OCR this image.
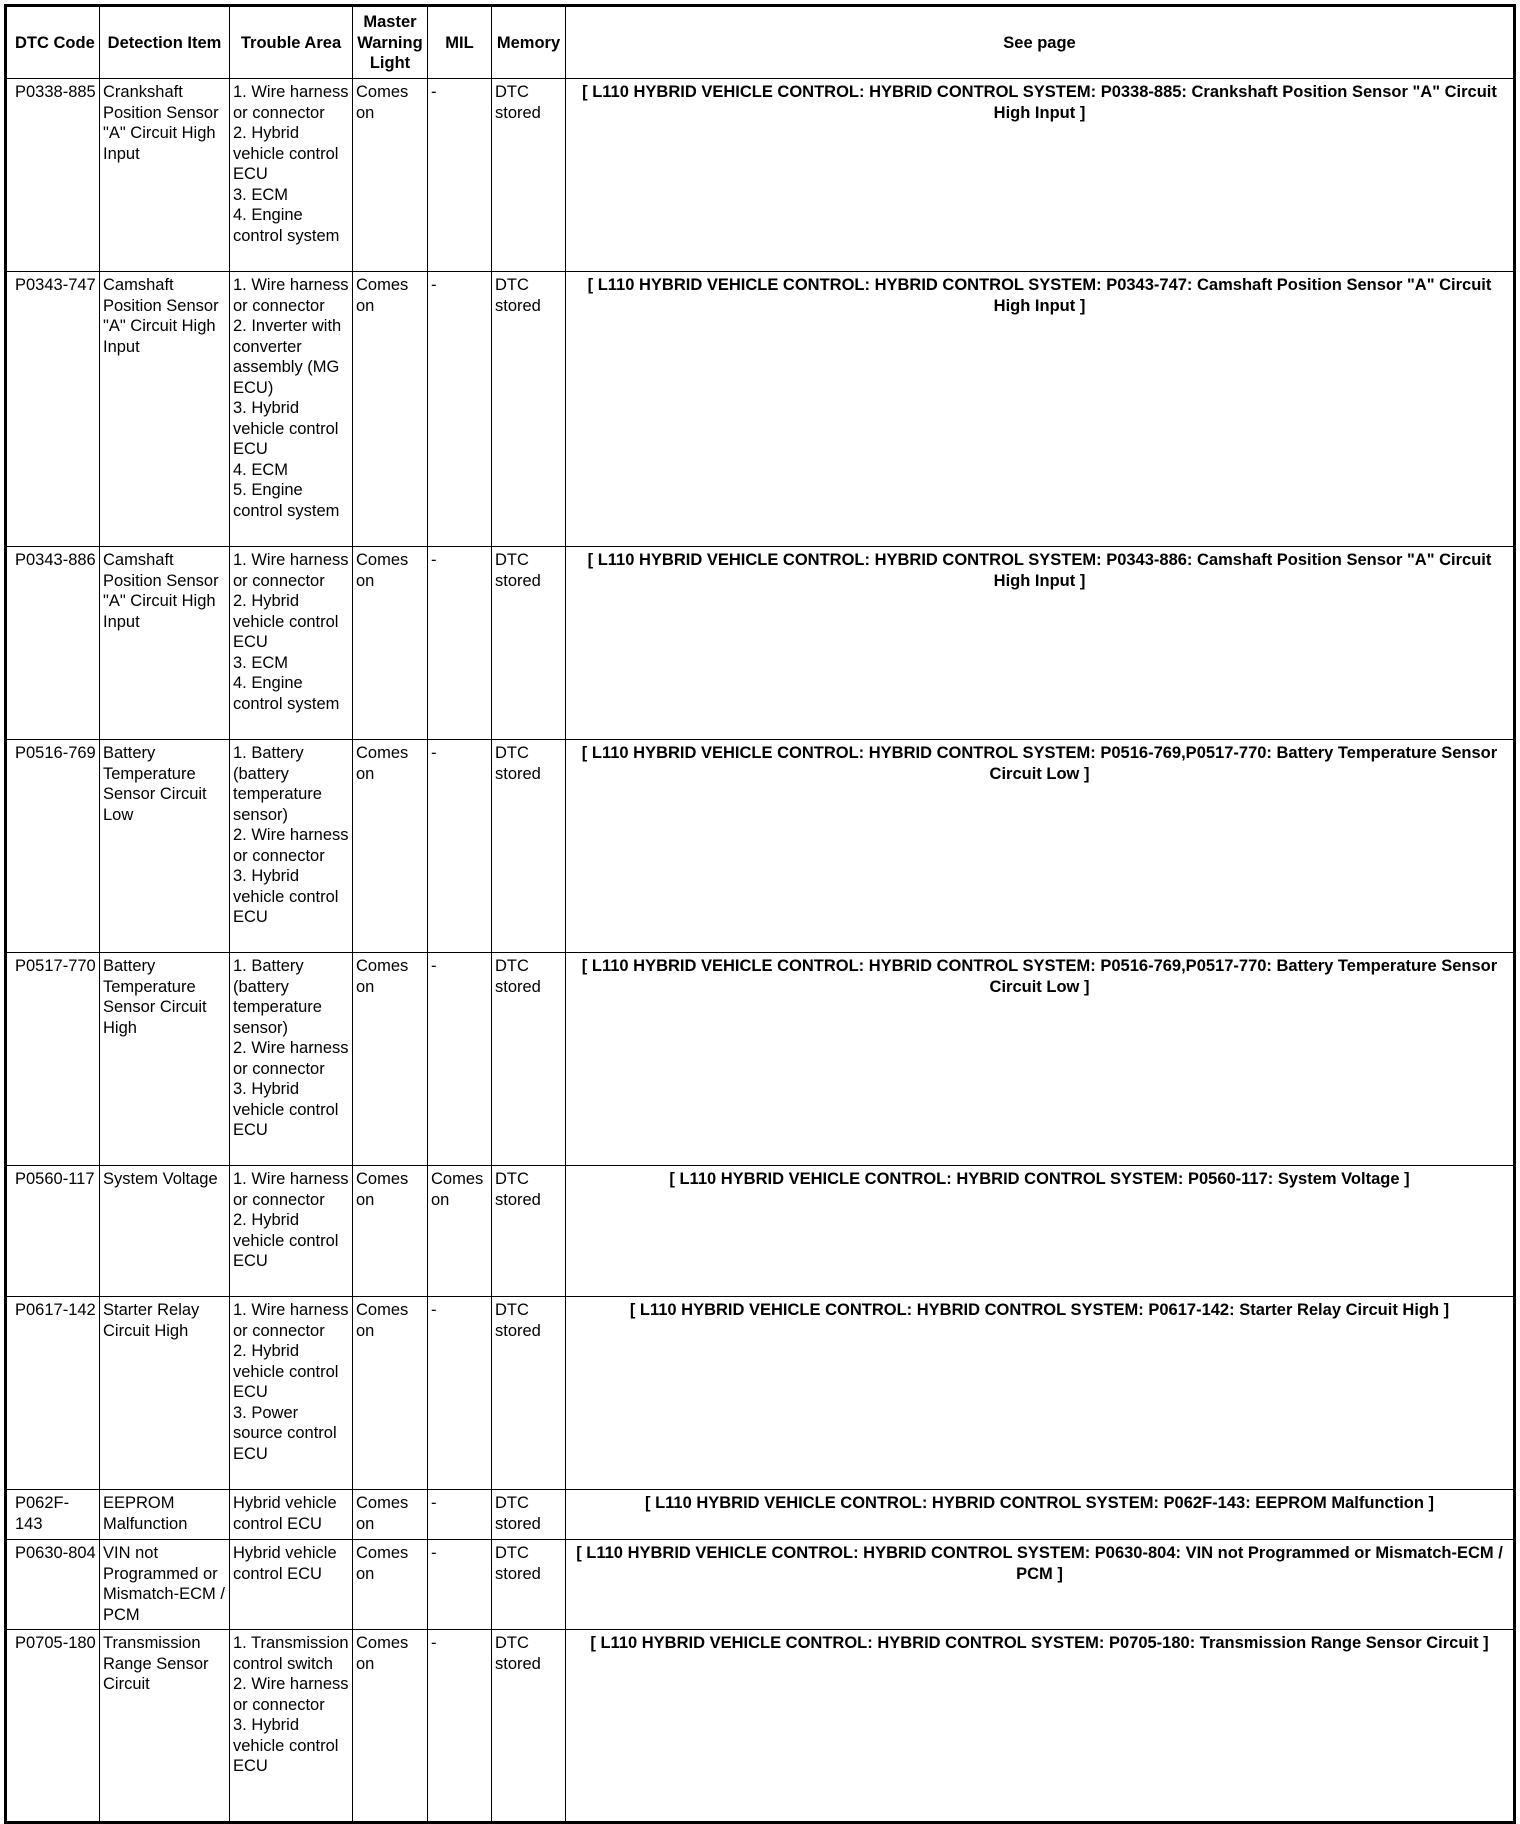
DTC Code	Detection Item	Trouble Area	Master Warning Light	MIL	Memory	See page
P0338-885	Crankshaft Position Sensor "A" Circuit High Input	1. Wire harness or connector
2. Hybrid vehicle control ECU
3. ECM
4. Engine control system	Comes on	-	DTC stored	[ L110 HYBRID VEHICLE CONTROL: HYBRID CONTROL SYSTEM: P0338-885: Crankshaft Position Sensor "A" Circuit High Input ]
P0343-747	Camshaft Position Sensor "A" Circuit High Input	1. Wire harness or connector
2. Inverter with converter assembly (MG ECU)
3. Hybrid vehicle control ECU
4. ECM
5. Engine control system	Comes on	-	DTC stored	[ L110 HYBRID VEHICLE CONTROL: HYBRID CONTROL SYSTEM: P0343-747: Camshaft Position Sensor "A" Circuit High Input ]
P0343-886	Camshaft Position Sensor "A" Circuit High Input	1. Wire harness or connector
2. Hybrid vehicle control ECU
3. ECM
4. Engine control system	Comes on	-	DTC stored	[ L110 HYBRID VEHICLE CONTROL: HYBRID CONTROL SYSTEM: P0343-886: Camshaft Position Sensor "A" Circuit High Input ]
P0516-769	Battery Temperature Sensor Circuit Low	1. Battery (battery temperature sensor)
2. Wire harness or connector
3. Hybrid vehicle control ECU	Comes on	-	DTC stored	[ L110 HYBRID VEHICLE CONTROL: HYBRID CONTROL SYSTEM: P0516-769,P0517-770: Battery Temperature Sensor Circuit Low ]
P0517-770	Battery Temperature Sensor Circuit High	1. Battery (battery temperature sensor)
2. Wire harness or connector
3. Hybrid vehicle control ECU	Comes on	-	DTC stored	[ L110 HYBRID VEHICLE CONTROL: HYBRID CONTROL SYSTEM: P0516-769,P0517-770: Battery Temperature Sensor Circuit Low ]
P0560-117	System Voltage	1. Wire harness or connector
2. Hybrid vehicle control ECU	Comes on	Comes on	DTC stored	[ L110 HYBRID VEHICLE CONTROL: HYBRID CONTROL SYSTEM: P0560-117: System Voltage ]
P0617-142	Starter Relay Circuit High	1. Wire harness or connector
2. Hybrid vehicle control ECU
3. Power source control ECU	Comes on	-	DTC stored	[ L110 HYBRID VEHICLE CONTROL: HYBRID CONTROL SYSTEM: P0617-142: Starter Relay Circuit High ]
P062F-143	EEPROM Malfunction	Hybrid vehicle control ECU	Comes on	-	DTC stored	[ L110 HYBRID VEHICLE CONTROL: HYBRID CONTROL SYSTEM: P062F-143: EEPROM Malfunction ]
P0630-804	VIN not Programmed or Mismatch-ECM / PCM	Hybrid vehicle control ECU	Comes on	-	DTC stored	[ L110 HYBRID VEHICLE CONTROL: HYBRID CONTROL SYSTEM: P0630-804: VIN not Programmed or Mismatch-ECM / PCM ]
P0705-180	Transmission Range Sensor Circuit	1. Transmission control switch
2. Wire harness or connector
3. Hybrid vehicle control ECU	Comes on	-	DTC stored	[ L110 HYBRID VEHICLE CONTROL: HYBRID CONTROL SYSTEM: P0705-180: Transmission Range Sensor Circuit ]
